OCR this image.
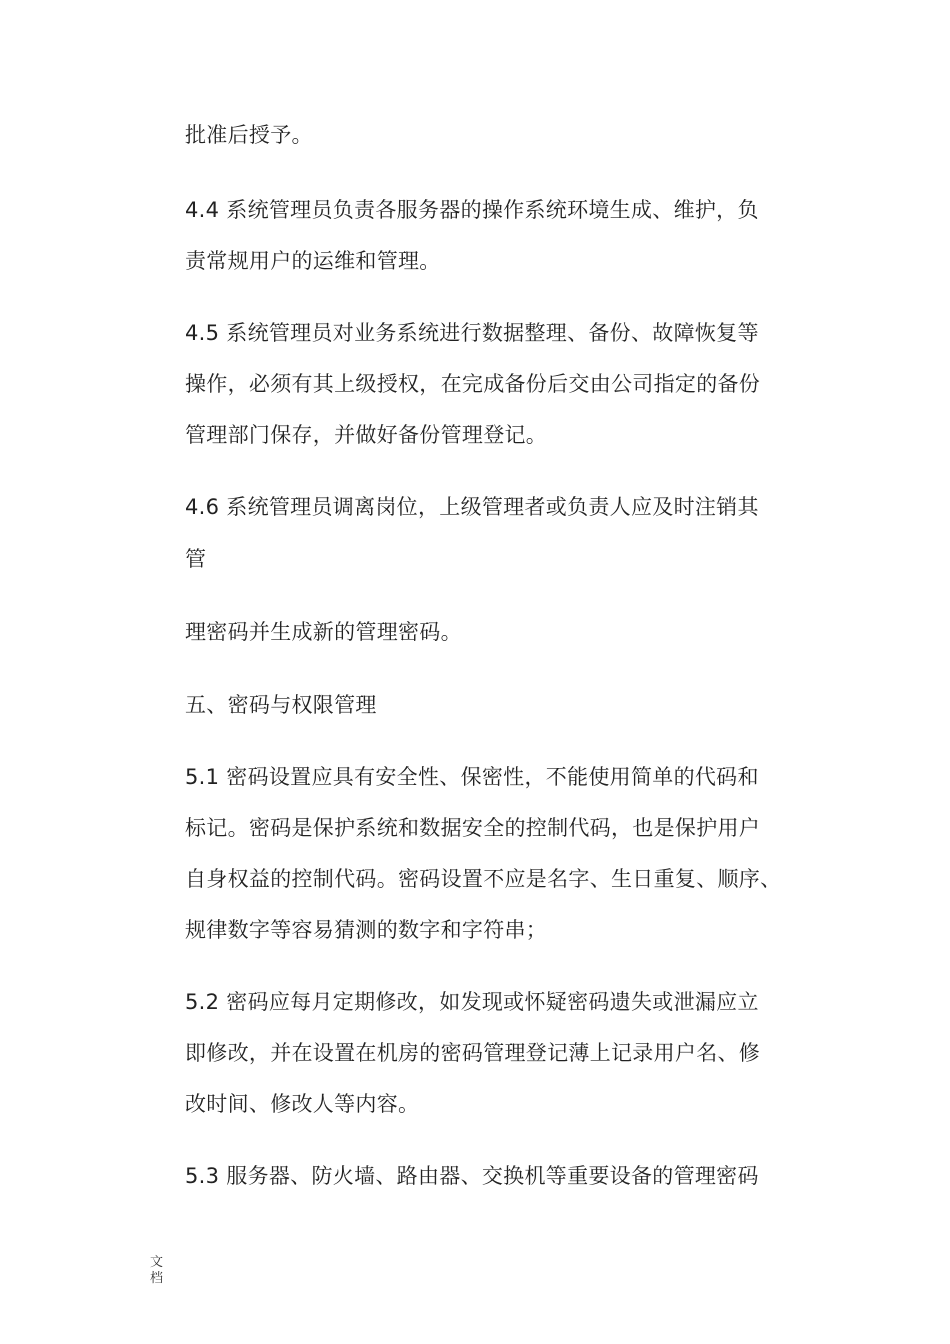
批准后授予。

4.4 系统管理员负责各服务器的操作系统环境生成、维护，负

责常规用户的运维和管理。

4.5 系统管理员对业务系统进行数据整理、备份、故障恢复等

操作，必须有其上级授权，在完成备份后交由公司指定的备份

管理部门保存，并做好备份管理登记。

4.6 系统管理员调离岗位，上级管理者或负责人应及时注销其

管

理密码并生成新的管理密码。

五、密码与权限管理

5.1 密码设置应具有安全性、保密性，不能使用简单的代码和

标记。密码是保护系统和数据安全的控制代码，也是保护用户

自身权益的控制代码。密码设置不应是名字、生日重复、顺序、

规律数字等容易猜测的数字和字符串；

5.2 密码应每月定期修改，如发现或怀疑密码遗失或泄漏应立

即修改，并在设置在机房的密码管理登记薄上记录用户名、修

改时间、修改人等内容。

5.3 服务器、防火墙、路由器、交换机等重要设备的管理密码

文
档
